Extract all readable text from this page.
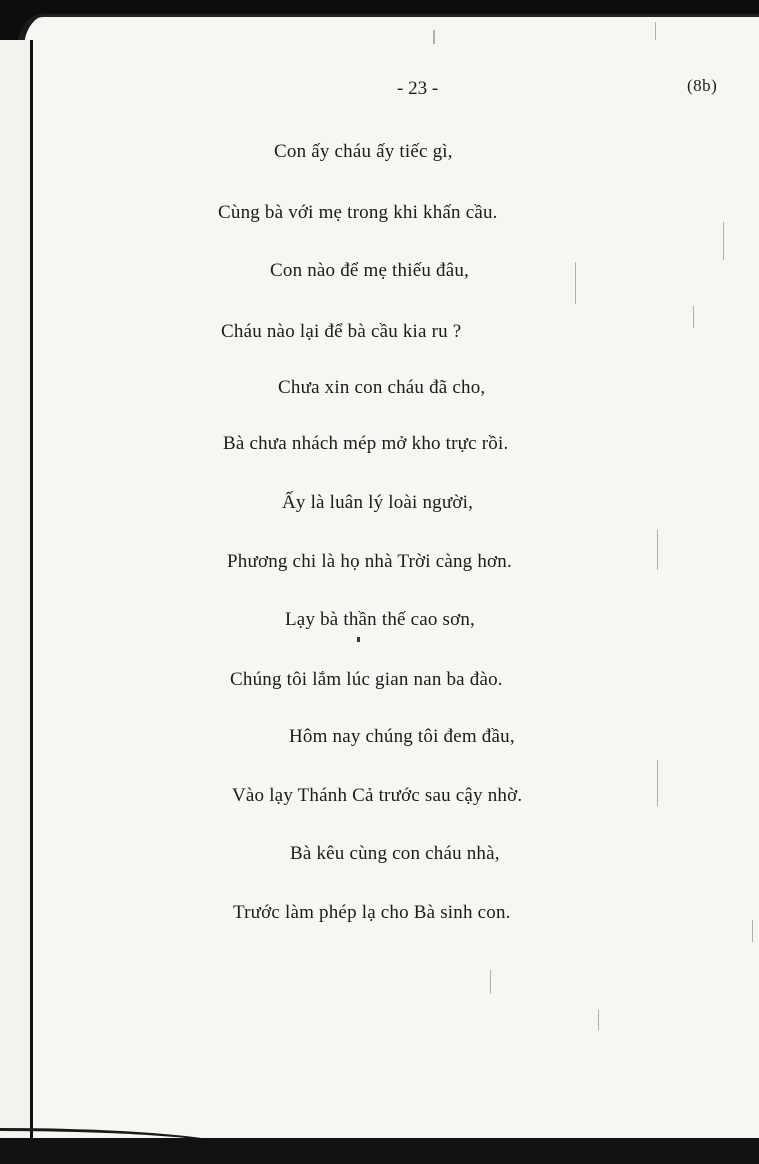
- 23 -	(8b)
Con ấy cháu ấy tiếc gì,
Cùng bà với mẹ trong khi khấn cầu.
Con nào để mẹ thiếu đâu,
Cháu nào lại để bà cầu kia ru ?
Chưa xin con cháu đã cho,
Bà chưa nhách mép mở kho trực rồi.
Ấy là luân lý loài người,
Phương chi là họ nhà Trời càng hơn.
Lạy bà thần thế cao sơn,
Chúng tôi lắm lúc gian nan ba đào.
Hôm nay chúng tôi đem đầu,
Vào lạy Thánh Cả trước sau cậy nhờ.
Bà kêu cùng con cháu nhà,
Trước làm phép lạ cho Bà sinh con.
